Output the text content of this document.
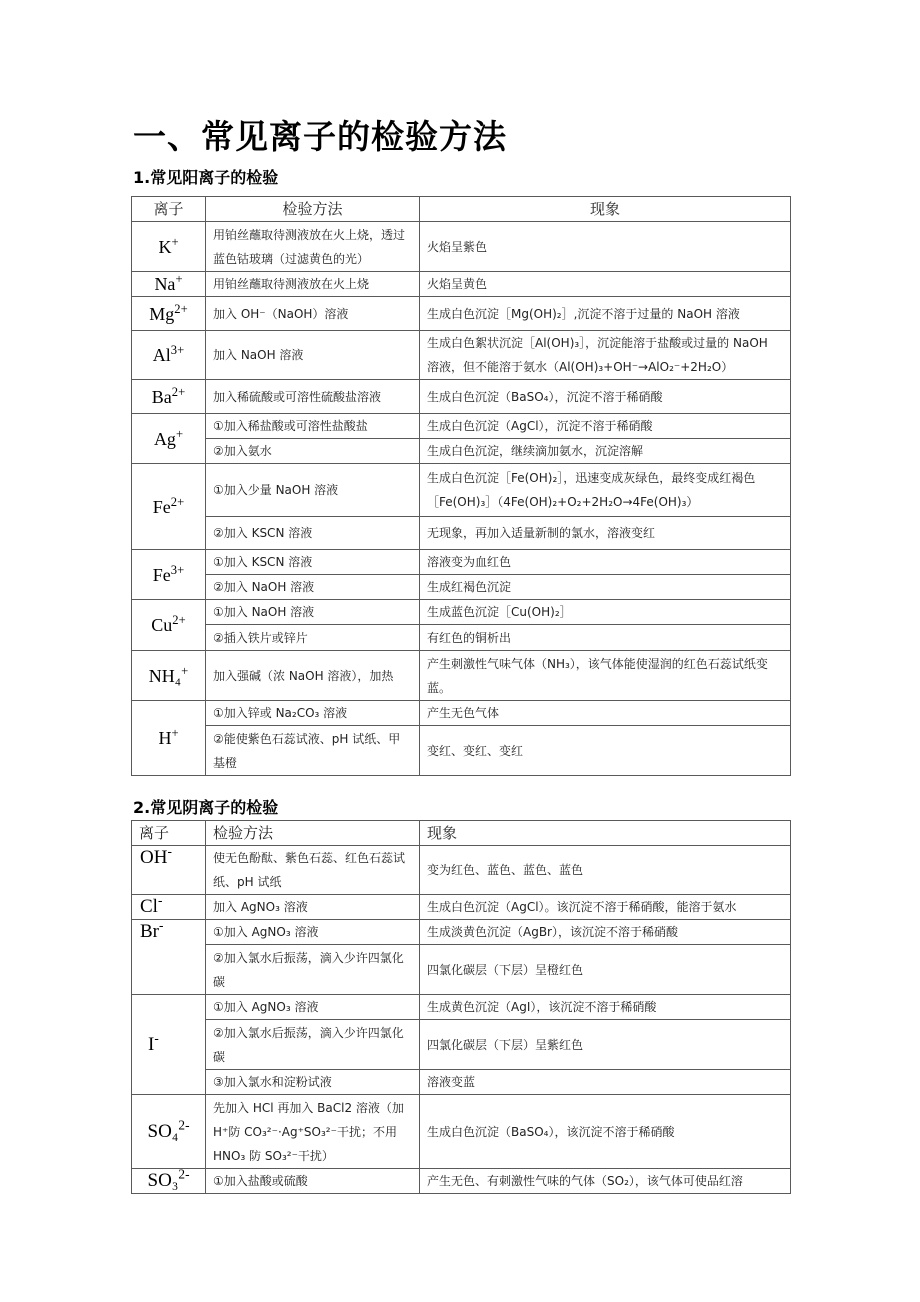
一、常见离子的检验方法
1.常见阳离子的检验
离子	检验方法	现象
K+	用铂丝蘸取待测液放在火上烧，透过蓝色钴玻璃（过滤黄色的光）	火焰呈紫色
Na+	用铂丝蘸取待测液放在火上烧	火焰呈黄色
$Mg^{2+}$	加入 OH⁻（NaOH）溶液	生成白色沉淀［Mg(OH)₂］,沉淀不溶于过量的 NaOH 溶液
$Al^{3+}$	加入 NaOH 溶液	生成白色絮状沉淀［Al(OH)₃］，沉淀能溶于盐酸或过量的 NaOH 溶液，但不能溶于氨水（Al(OH)₃+OH⁻→AlO₂⁻+2H₂O）
$Ba^{2+}$	加入稀硫酸或可溶性硫酸盐溶液	生成白色沉淀（BaSO₄），沉淀不溶于稀硝酸
Ag+	①加入稀盐酸或可溶性盐酸盐	生成白色沉淀（AgCl），沉淀不溶于稀硝酸
	②加入氨水	生成白色沉淀，继续滴加氨水，沉淀溶解
$Fe^{2+}$	①加入少量 NaOH 溶液	生成白色沉淀［Fe(OH)₂］，迅速变成灰绿色，最终变成红褐色［Fe(OH)₃］（4Fe(OH)₂+O₂+2H₂O→4Fe(OH)₃）
	②加入 KSCN 溶液	无现象，再加入适量新制的氯水，溶液变红
$Fe^{3+}$	①加入 KSCN 溶液	溶液变为血红色
	②加入 NaOH 溶液	生成红褐色沉淀
$Cu^{2+}$	①加入 NaOH 溶液	生成蓝色沉淀［Cu(OH)₂］
	②插入铁片或锌片	有红色的铜析出
NH₄+	加入强碱（浓 NaOH 溶液），加热	产生刺激性气味气体（NH₃），该气体能使湿润的红色石蕊试纸变蓝。
H+	①加入锌或 Na₂CO₃ 溶液	产生无色气体
	②能使紫色石蕊试液、pH 试纸、甲基橙	变红、变红、变红
2.常见阴离子的检验
离子	检验方法	现象
OH-	使无色酚酞、紫色石蕊、红色石蕊试纸、pH 试纸	变为红色、蓝色、蓝色、蓝色
Cl-	加入 AgNO₃ 溶液	生成白色沉淀（AgCl）。该沉淀不溶于稀硝酸，能溶于氨水
Br-	①加入 AgNO₃ 溶液	生成淡黄色沉淀（AgBr），该沉淀不溶于稀硝酸
	②加入氯水后振荡，滴入少许四氯化碳	四氯化碳层（下层）呈橙红色
I-	①加入 AgNO₃ 溶液	生成黄色沉淀（AgI），该沉淀不溶于稀硝酸
	②加入氯水后振荡，滴入少许四氯化碳	四氯化碳层（下层）呈紫红色
	③加入氯水和淀粉试液	溶液变蓝
SO₄$^{2-}$	先加入 HCl 再加入 BaCl2 溶液（加 H⁺防 CO₃²⁻·Ag⁺SO₃²⁻干扰；不用 HNO₃ 防 SO₃²⁻干扰）	生成白色沉淀（BaSO₄），该沉淀不溶于稀硝酸
SO₃$^{2-}$	①加入盐酸或硫酸	产生无色、有刺激性气味的气体（SO₂），该气体可使品红溶
